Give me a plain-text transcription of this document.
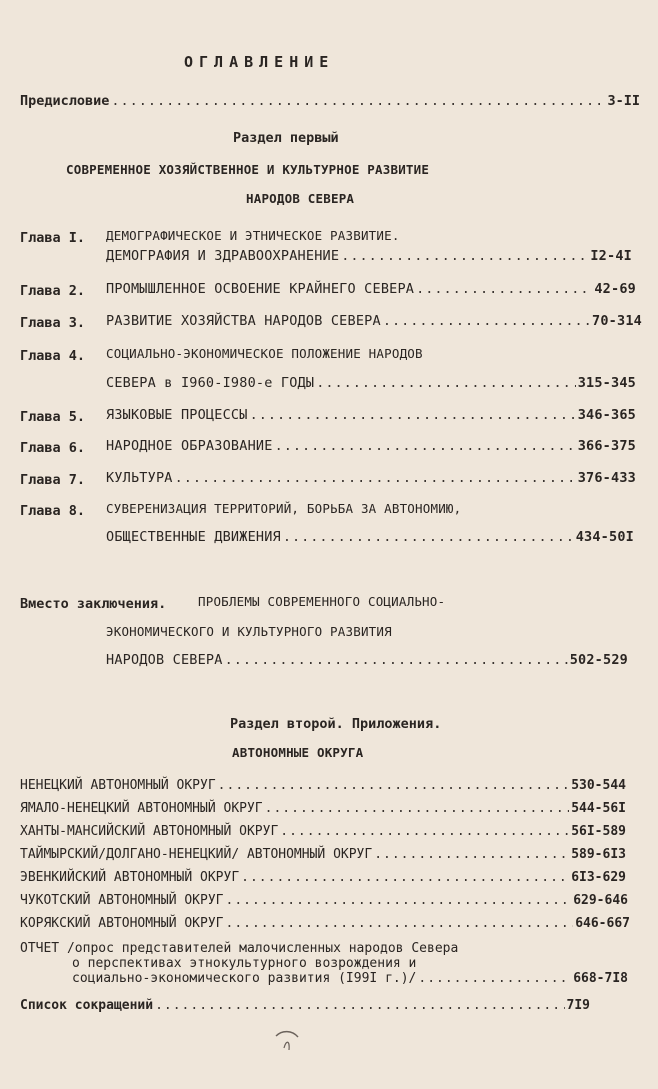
ОГЛАВЛЕНИЕ
Предисловие .....	3-II
Раздел первый
СОВРЕМЕННОЕ ХОЗЯЙСТВЕННОЕ И КУЛЬТУРНОЕ РАЗВИТИЕ
НАРОДОВ СЕВЕРА
Глава I. ДЕМОГРАФИЧЕСКОЕ И ЭТНИЧЕСКОЕ РАЗВИТИЕ.
ДЕМОГРАФИЯ И ЗДРАВООХРАНЕНИЕ .....	I2-4I
Глава 2. ПРОМЫШЛЕННОЕ ОСВОЕНИЕ КРАЙНЕГО СЕВЕРА .....	42-69
Глава 3. РАЗВИТИЕ ХОЗЯЙСТВА НАРОДОВ СЕВЕРА .....	70-314
Глава 4. СОЦИАЛЬНО-ЭКОНОМИЧЕСКОЕ ПОЛОЖЕНИЕ НАРОДОВ
СЕВЕРА в I960-I980-е ГОДЫ .....	315-345
Глава 5. ЯЗЫКОВЫЕ ПРОЦЕССЫ .....	346-365
Глава 6. НАРОДНОЕ ОБРАЗОВАНИЕ .....	366-375
Глава 7. КУЛЬТУРА .....	376-433
Глава 8. СУВЕРЕНИЗАЦИЯ ТЕРРИТОРИЙ, БОРЬБА ЗА АВТОНОМИЮ,
ОБЩЕСТВЕННЫЕ ДВИЖЕНИЯ .....	434-50I
Вместо заключения.	ПРОБЛЕМЫ СОВРЕМЕННОГО СОЦИАЛЬНО-
ЭКОНОМИЧЕСКОГО И КУЛЬТУРНОГО РАЗВИТИЯ
НАРОДОВ СЕВЕРА .....	502-529
Раздел второй. Приложения.
АВТОНОМНЫЕ ОКРУГА
НЕНЕЦКИЙ АВТОНОМНЫЙ ОКРУГ .....	530-544
ЯМАЛО-НЕНЕЦКИЙ АВТОНОМНЫЙ ОКРУГ .....	544-56I
ХАНТЫ-МАНСИЙСКИЙ АВТОНОМНЫЙ ОКРУГ .....	56I-589
ТАЙМЫРСКИЙ/ДОЛГАНО-НЕНЕЦКИЙ/ АВТОНОМНЫЙ ОКРУГ .....	589-6I3
ЭВЕНКИЙСКИЙ АВТОНОМНЫЙ ОКРУГ .....	6I3-629
ЧУКОТСКИЙ АВТОНОМНЫЙ ОКРУГ .....	629-646
КОРЯКСКИЙ АВТОНОМНЫЙ ОКРУГ .....	646-667
ОТЧЕТ /опрос представителей малочисленных народов Севера
о перспективах этнокультурного возрождения и
социально-экономического развития (I99I г.)/ .....	668-7I8
Список сокращений .....	7I9
